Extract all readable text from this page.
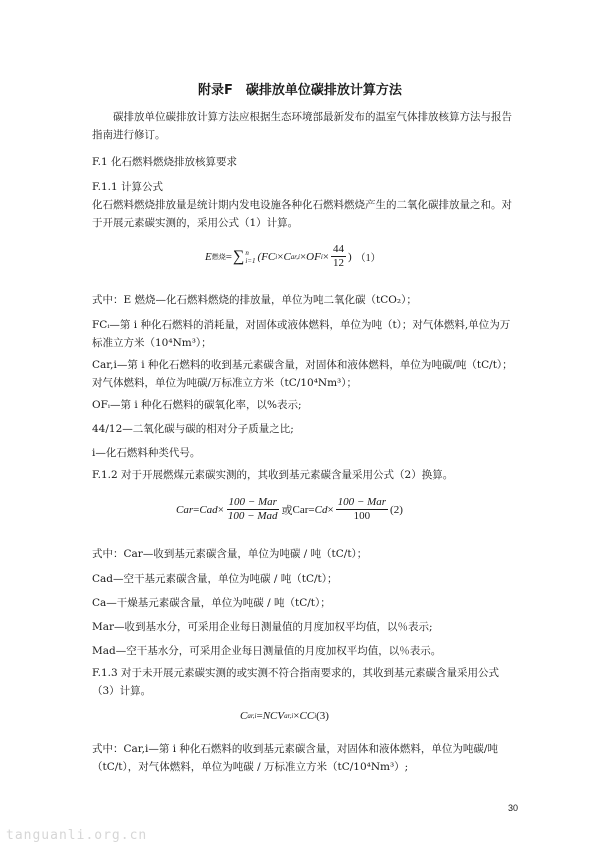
附录F　碳排放单位碳排放计算方法

碳排放单位碳排放计算方法应根据生态环境部最新发布的温室气体排放核算方法与报告指南进行修订。

F.1 化石燃料燃烧排放核算要求

F.1.1 计算公式

化石燃料燃烧排放量是统计期内发电设施各种化石燃料燃烧产生的二氧化碳排放量之和。对于开展元素碳实测的，采用公式（1）计算。

E 燃烧 = ∑ n
i=1 (FC i × C ar,i × OF $i \times \frac{44}{12}$ ) （1）

式中：E 燃烧—化石燃料燃烧的排放量，单位为吨二氧化碳（tCO₂）；

FCᵢ—第 i 种化石燃料的消耗量，对固体或液体燃料，单位为吨（t）；对气体燃料,单位为万标准立方米（10⁴Nm³）；

Car,i—第 i 种化石燃料的收到基元素碳含量，对固体和液体燃料，单位为吨碳/吨（tC/t）；对气体燃料，单位为吨碳/万标准立方米（tC/10⁴Nm³）；

OFᵢ—第 i 种化石燃料的碳氧化率，以%表示;

44/12—二氧化碳与碳的相对分子质量之比;

i—化石燃料种类代号。

F.1.2 对于开展燃煤元素碳实测的，其收到基元素碳含量采用公式（2）换算。

Car = Cad × $\frac{\text{100 − Mar}}{\text{100 − Mad}}$ 或 Car = $Cd \times \frac{\text{100 − Mar}}{100} (2)$

式中：Car—收到基元素碳含量，单位为吨碳 / 吨（tC/t）；

Cad—空干基元素碳含量，单位为吨碳 / 吨（tC/t）；

Ca—干燥基元素碳含量，单位为吨碳 / 吨（tC/t）；

Mar—收到基水分，可采用企业每日测量值的月度加权平均值，以％表示;

Mad—空干基水分，可采用企业每日测量值的月度加权平均值，以％表示。

F.1.3 对于未开展元素碳实测的或实测不符合指南要求的，其收到基元素碳含量采用公式（3）计算。

C ar,i = NCV ar,i × CC i (3)

式中：Car,i—第 i 种化石燃料的收到基元素碳含量，对固体和液体燃料，单位为吨碳/吨（tC/t），对气体燃料，单位为吨碳 / 万标准立方米（tC/10⁴Nm³）;

30
tanguanli.org.cn
